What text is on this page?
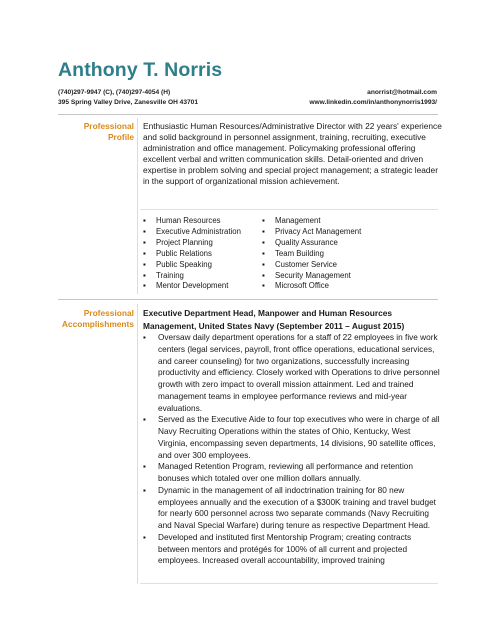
Anthony T. Norris
(740)297-9947 (C), (740)297-4054 (H)
395 Spring Valley Drive, Zanesville OH 43701
anorrist@hotmail.com
www.linkedin.com/in/anthonynorris1993/
Professional
Profile
Enthusiastic Human Resources/Administrative Director with 22 years' experience and solid background in personnel assignment, training, recruiting, executive administration and office management. Policymaking professional offering excellent verbal and written communication skills. Detail-oriented and driven expertise in problem solving and special project management; a strategic leader in the support of organizational mission achievement.
▪ Human Resources
▪ Executive Administration
▪ Project Planning
▪ Public Relations
▪ Public Speaking
▪ Training
▪ Mentor Development
▪ Management
▪ Privacy Act Management
▪ Quality Assurance
▪ Team Building
▪ Customer Service
▪ Security Management
▪ Microsoft Office
Professional
Accomplishments
Executive Department Head, Manpower and Human Resources Management, United States Navy (September 2011 – August 2015)
▪ Oversaw daily department operations for a staff of 22 employees in five work centers (legal services, payroll, front office operations, educational services, and career counseling) for two organizations, successfully increasing productivity and efficiency. Closely worked with Operations to drive personnel growth with zero impact to overall mission attainment. Led and trained management teams in employee performance reviews and mid-year evaluations.
▪ Served as the Executive Aide to four top executives who were in charge of all Navy Recruiting Operations within the states of Ohio, Kentucky, West Virginia, encompassing seven departments, 14 divisions, 90 satellite offices, and over 300 employees.
▪ Managed Retention Program, reviewing all performance and retention bonuses which totaled over one million dollars annually.
▪ Dynamic in the management of all indoctrination training for 80 new employees annually and the execution of a $300K training and travel budget for nearly 600 personnel across two separate commands (Navy Recruiting and Naval Special Warfare) during tenure as respective Department Head.
▪ Developed and instituted first Mentorship Program; creating contracts between mentors and protégés for 100% of all current and projected employees. Increased overall accountability, improved training
